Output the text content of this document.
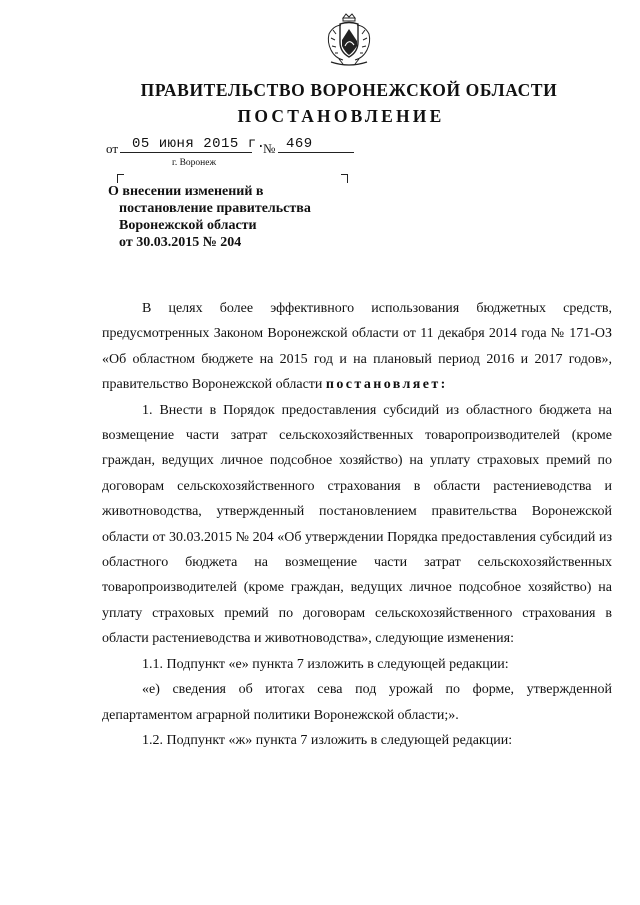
ПРАВИТЕЛЬСТВО ВОРОНЕЖСКОЙ ОБЛАСТИ
ПОСТАНОВЛЕНИЕ
от 05 июня 2015 г.
№ 469
г. Воронеж
О внесении изменений в
постановление правительства
Воронежской области
от 30.03.2015 № 204

В целях более эффективного использования бюджетных средств, предусмотренных Законом Воронежской области от 11 декабря 2014 года № 171-ОЗ «Об областном бюджете на 2015 год и на плановый период 2016 и 2017 годов», правительство Воронежской области постановляет:

1. Внести в Порядок предоставления субсидий из областного бюджета на возмещение части затрат сельскохозяйственных товаропроизводителей (кроме граждан, ведущих личное подсобное хозяйство) на уплату страховых премий по договорам сельскохозяйственного страхования в области растениеводства и животноводства, утвержденный постановлением правительства Воронежской области от 30.03.2015 № 204 «Об утверждении Порядка предоставления субсидий из областного бюджета на возмещение части затрат сельскохозяйственных товаропроизводителей (кроме граждан, ведущих личное подсобное хозяйство) на уплату страховых премий по договорам сельскохозяйственного страхования в области растениеводства и животноводства», следующие изменения:

1.1. Подпункт «е» пункта 7 изложить в следующей редакции:

«е) сведения об итогах сева под урожай по форме, утвержденной департаментом аграрной политики Воронежской области;».

1.2. Подпункт «ж» пункта 7 изложить в следующей редакции:
